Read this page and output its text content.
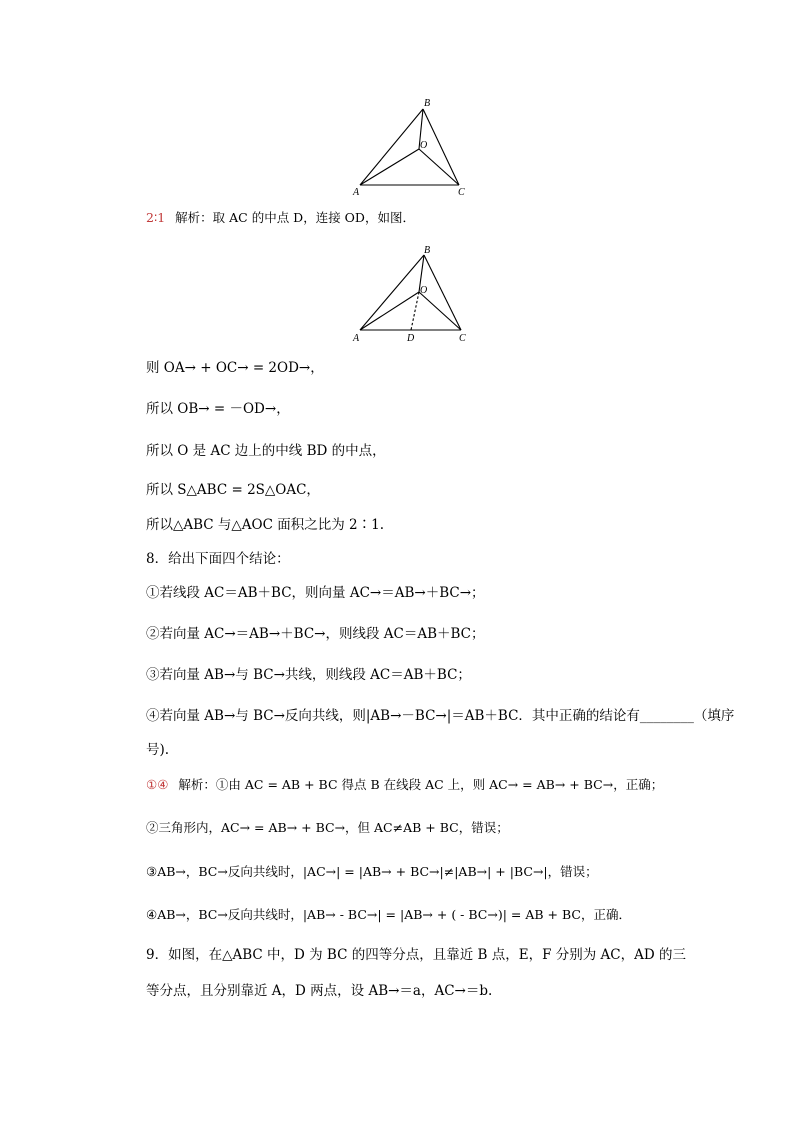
B
O
A	C
2∶1 解析：取 AC 的中点 D，连接 OD，如图．
B
O
A	D	C
则 OA→ + OC→ = 2OD→，
所以 OB→ = －OD→，
所以 O 是 AC 边上的中线 BD 的中点，
所以 S△ABC = 2S△OAC，
所以△ABC 与△AOC 面积之比为 2∶1.
8．给出下面四个结论：
①若线段 AC＝AB＋BC，则向量 AC→＝AB→＋BC→；
②若向量 AC→＝AB→＋BC→，则线段 AC＝AB＋BC；
③若向量 AB→与 BC→共线，则线段 AC＝AB＋BC；
④若向量 AB→与 BC→反向共线，则|AB→－BC→|＝AB＋BC．其中正确的结论有________（填序
号).
①④ 解析：①由 AC = AB + BC 得点 B 在线段 AC 上，则 AC→ = AB→ + BC→，正确；
②三角形内，AC→ = AB→ + BC→，但 AC≠AB + BC，错误；
③AB→，BC→反向共线时，|AC→| = |AB→ + BC→|≠|AB→| + |BC→|，错误；
④AB→，BC→反向共线时，|AB→ - BC→| = |AB→ + ( - BC→)| = AB + BC，正确．
9．如图，在△ABC 中，D 为 BC 的四等分点，且靠近 B 点，E，F 分别为 AC，AD 的三
等分点，且分别靠近 A，D 两点，设 AB→＝a，AC→＝b.
